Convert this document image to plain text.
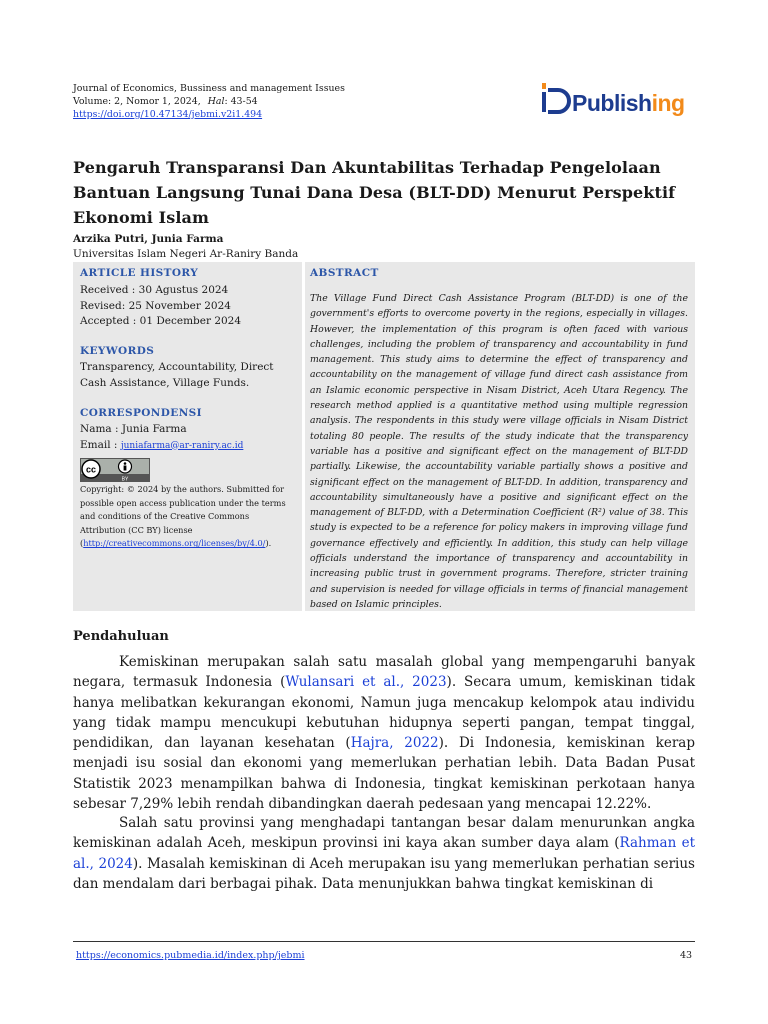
Journal of Economics, Bussiness and management Issues
Volume: 2, Nomor 1, 2024, Hal: 43-54
https://doi.org/10.47134/jebmi.v2i1.494	Publishing
Pengaruh Transparansi Dan Akuntabilitas Terhadap Pengelolaan Bantuan Langsung Tunai Dana Desa (BLT-DD) Menurut Perspektif Ekonomi Islam
Arzika Putri, Junia Farma
Universitas Islam Negeri Ar-Raniry Banda
ARTICLE HISTORY
Received : 30 Agustus 2024
Revised: 25 November 2024
Accepted : 01 December 2024
KEYWORDS
Transparency, Accountability, Direct Cash Assistance, Village Funds.
CORRESPONDENSI
Nama : Junia Farma
Email : juniafarma@ar-raniry.ac.id
cc
BY
Copyright: © 2024 by the authors. Submitted for possible open access publication under the terms and conditions of the Creative Commons Attribution (CC BY) license (http://creativecommons.org/licenses/by/4.0/).
ABSTRACT
The Village Fund Direct Cash Assistance Program (BLT-DD) is one of the government's efforts to overcome poverty in the regions, especially in villages. However, the implementation of this program is often faced with various challenges, including the problem of transparency and accountability in fund management. This study aims to determine the effect of transparency and accountability on the management of village fund direct cash assistance from an Islamic economic perspective in Nisam District, Aceh Utara Regency. The research method applied is a quantitative method using multiple regression analysis. The respondents in this study were village officials in Nisam District totaling 80 people. The results of the study indicate that the transparency variable has a positive and significant effect on the management of BLT-DD partially. Likewise, the accountability variable partially shows a positive and significant effect on the management of BLT-DD. In addition, transparency and accountability simultaneously have a positive and significant effect on the management of BLT-DD, with a Determination Coefficient (R²) value of 38. This study is expected to be a reference for policy makers in improving village fund governance effectively and efficiently. In addition, this study can help village officials understand the importance of transparency and accountability in increasing public trust in government programs. Therefore, stricter training and supervision is needed for village officials in terms of financial management based on Islamic principles.
Pendahuluan
Kemiskinan merupakan salah satu masalah global yang mempengaruhi banyak negara, termasuk Indonesia (Wulansari et al., 2023). Secara umum, kemiskinan tidak hanya melibatkan kekurangan ekonomi, Namun juga mencakup kelompok atau individu yang tidak mampu mencukupi kebutuhan hidupnya seperti pangan, tempat tinggal, pendidikan, dan layanan kesehatan (Hajra, 2022). Di Indonesia, kemiskinan kerap menjadi isu sosial dan ekonomi yang memerlukan perhatian lebih. Data Badan Pusat Statistik 2023 menampilkan bahwa di Indonesia, tingkat kemiskinan perkotaan hanya sebesar 7,29% lebih rendah dibandingkan daerah pedesaan yang mencapai 12.22%.
Salah satu provinsi yang menghadapi tantangan besar dalam menurunkan angka kemiskinan adalah Aceh, meskipun provinsi ini kaya akan sumber daya alam (Rahman et al., 2024). Masalah kemiskinan di Aceh merupakan isu yang memerlukan perhatian serius dan mendalam dari berbagai pihak. Data menunjukkan bahwa tingkat kemiskinan di
https://economics.pubmedia.id/index.php/jebmi	43
